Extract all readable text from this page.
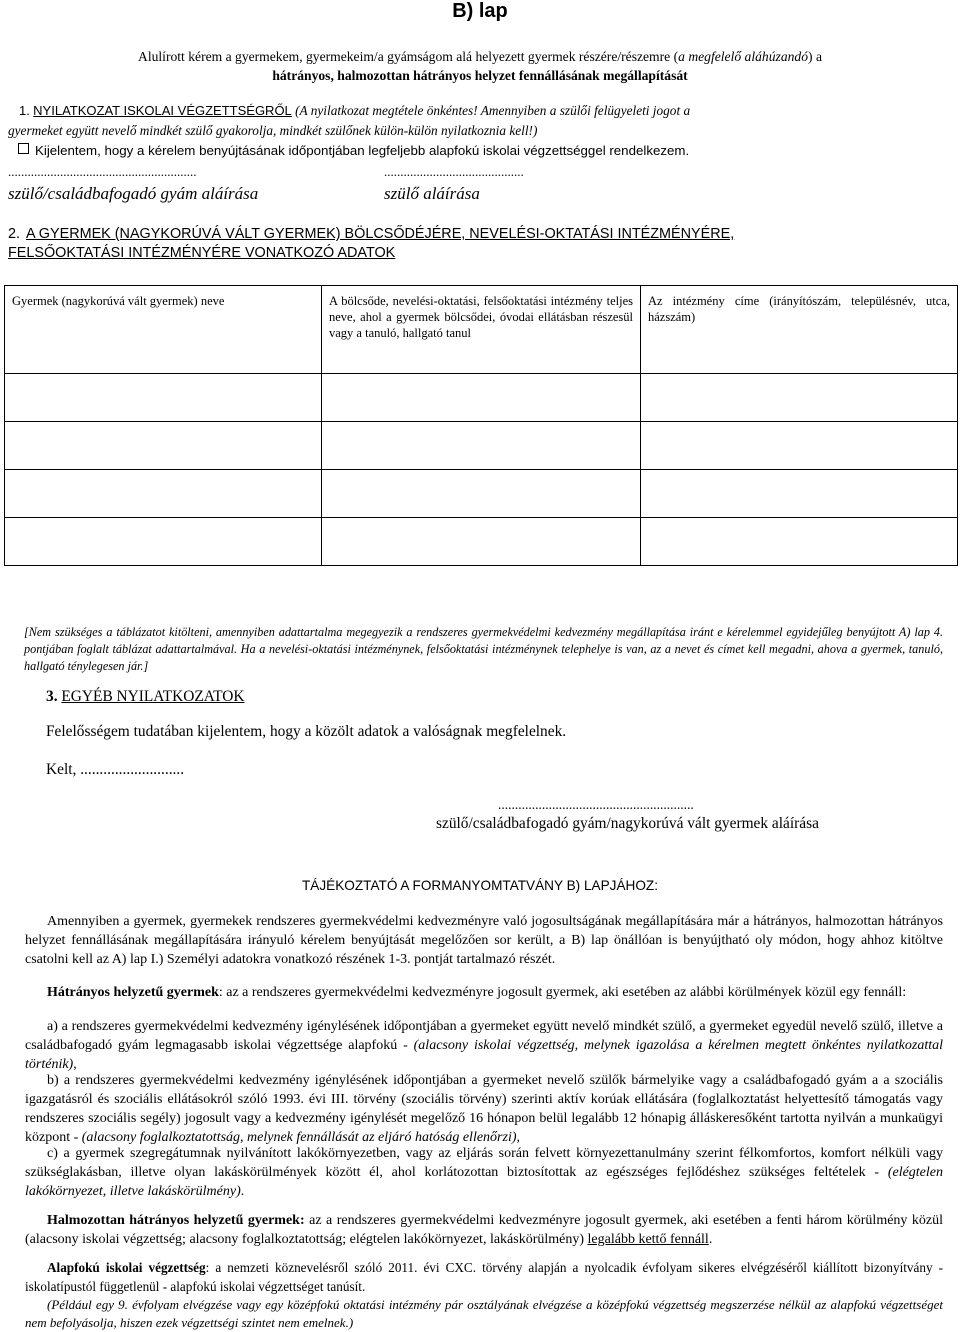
B) lap
Alulírott kérem a gyermekem, gyermekeim/a gyámságom alá helyezett gyermek részére/részemre (a megfelelő aláhúzandó) a
hátrányos, halmozottan hátrányos helyzet fennállásának megállapítását
1. NYILATKOZAT ISKOLAI VÉGZETTSÉGRŐL (A nyilatkozat megtétele önkéntes! Amennyiben a szülői felügyeleti jogot a
gyermeket együtt nevelő mindkét szülő gyakorolja, mindkét szülőnek külön-külön nyilatkoznia kell!)
Kijelentem, hogy a kérelem benyújtásának időpontjában legfeljebb alapfokú iskolai végzettséggel rendelkezem.
..........................................................	...........................................
szülő/családbafogadó gyám aláírása	szülő aláírása
2. A GYERMEK (NAGYKORÚVÁ VÁLT GYERMEK) BÖLCSŐDÉJÉRE, NEVELÉSI-OKTATÁSI INTÉZMÉNYÉRE,
FELSŐOKTATÁSI INTÉZMÉNYÉRE VONATKOZÓ ADATOK
Gyermek (nagykorúvá vált gyermek) neve	A bölcsőde, nevelési-oktatási, felsőoktatási intézmény teljes neve, ahol a gyermek bölcsődei, óvodai ellátásban részesül vagy a tanuló, hallgató tanul	Az intézmény címe (irányítószám, településnév, utca, házszám)

[Nem szükséges a táblázatot kitölteni, amennyiben adattartalma megegyezik a rendszeres gyermekvédelmi kedvezmény megállapítása iránt e kérelemmel egyidejűleg benyújtott A) lap 4. pontjában foglalt táblázat adattartalmával. Ha a nevelési-oktatási intézménynek, felsőoktatási intézménynek telephelye is van, az a nevet és címet kell megadni, ahova a gyermek, tanuló, hallgató ténylegesen jár.]
3. EGYÉB NYILATKOZATOK
Felelősségem tudatában kijelentem, hogy a közölt adatok a valóságnak megfelelnek.
Kelt, ...........................
..........................................................
szülő/családbafogadó gyám/nagykorúvá vált gyermek aláírása
TÁJÉKOZTATÓ A FORMANYOMTATVÁNY B) LAPJÁHOZ:
Amennyiben a gyermek, gyermekek rendszeres gyermekvédelmi kedvezményre való jogosultságának megállapítására már a hátrányos, halmozottan hátrányos helyzet fennállásának megállapítására irányuló kérelem benyújtását megelőzően sor került, a B) lap önállóan is benyújtható oly módon, hogy ahhoz kitöltve csatolni kell az A) lap I.) Személyi adatokra vonatkozó részének 1-3. pontját tartalmazó részét.
Hátrányos helyzetű gyermek: az a rendszeres gyermekvédelmi kedvezményre jogosult gyermek, aki esetében az alábbi körülmények közül egy fennáll:
a) a rendszeres gyermekvédelmi kedvezmény igénylésének időpontjában a gyermeket együtt nevelő mindkét szülő, a gyermeket egyedül nevelő szülő, illetve a családbafogadó gyám legmagasabb iskolai végzettsége alapfokú - (alacsony iskolai végzettség, melynek igazolása a kérelmen megtett önkéntes nyilatkozattal történik),
b) a rendszeres gyermekvédelmi kedvezmény igénylésének időpontjában a gyermeket nevelő szülők bármelyike vagy a családbafogadó gyám a a szociális igazgatásról és szociális ellátásokról szóló 1993. évi III. törvény (szociális törvény) szerinti aktív korúak ellátására (foglalkoztatást helyettesítő támogatás vagy rendszeres szociális segély) jogosult vagy a kedvezmény igénylését megelőző 16 hónapon belül legalább 12 hónapig álláskeresőként tartotta nyilván a munkaügyi központ - (alacsony foglalkoztatottság, melynek fennállását az eljáró hatóság ellenőrzi),
c) a gyermek szegregátumnak nyilvánított lakókörnyezetben, vagy az eljárás során felvett környezettanulmány szerint félkomfortos, komfort nélküli vagy szükséglakásban, illetve olyan lakáskörülmények között él, ahol korlátozottan biztosítottak az egészséges fejlődéshez szükséges feltételek - (elégtelen lakókörnyezet, illetve lakáskörülmény).
Halmozottan hátrányos helyzetű gyermek: az a rendszeres gyermekvédelmi kedvezményre jogosult gyermek, aki esetében a fenti három körülmény közül (alacsony iskolai végzettség; alacsony foglalkoztatottság; elégtelen lakókörnyezet, lakáskörülmény) legalább kettő fennáll.
Alapfokú iskolai végzettség: a nemzeti köznevelésről szóló 2011. évi CXC. törvény alapján a nyolcadik évfolyam sikeres elvégzéséről kiállított bizonyítvány - iskolatípustól függetlenül - alapfokú iskolai végzettséget tanúsít.
(Például egy 9. évfolyam elvégzése vagy egy középfokú oktatási intézmény pár osztályának elvégzése a középfokú végzettség megszerzése nélkül az alapfokú végzettséget nem befolyásolja, hiszen ezek végzettségi szintet nem emelnek.)
